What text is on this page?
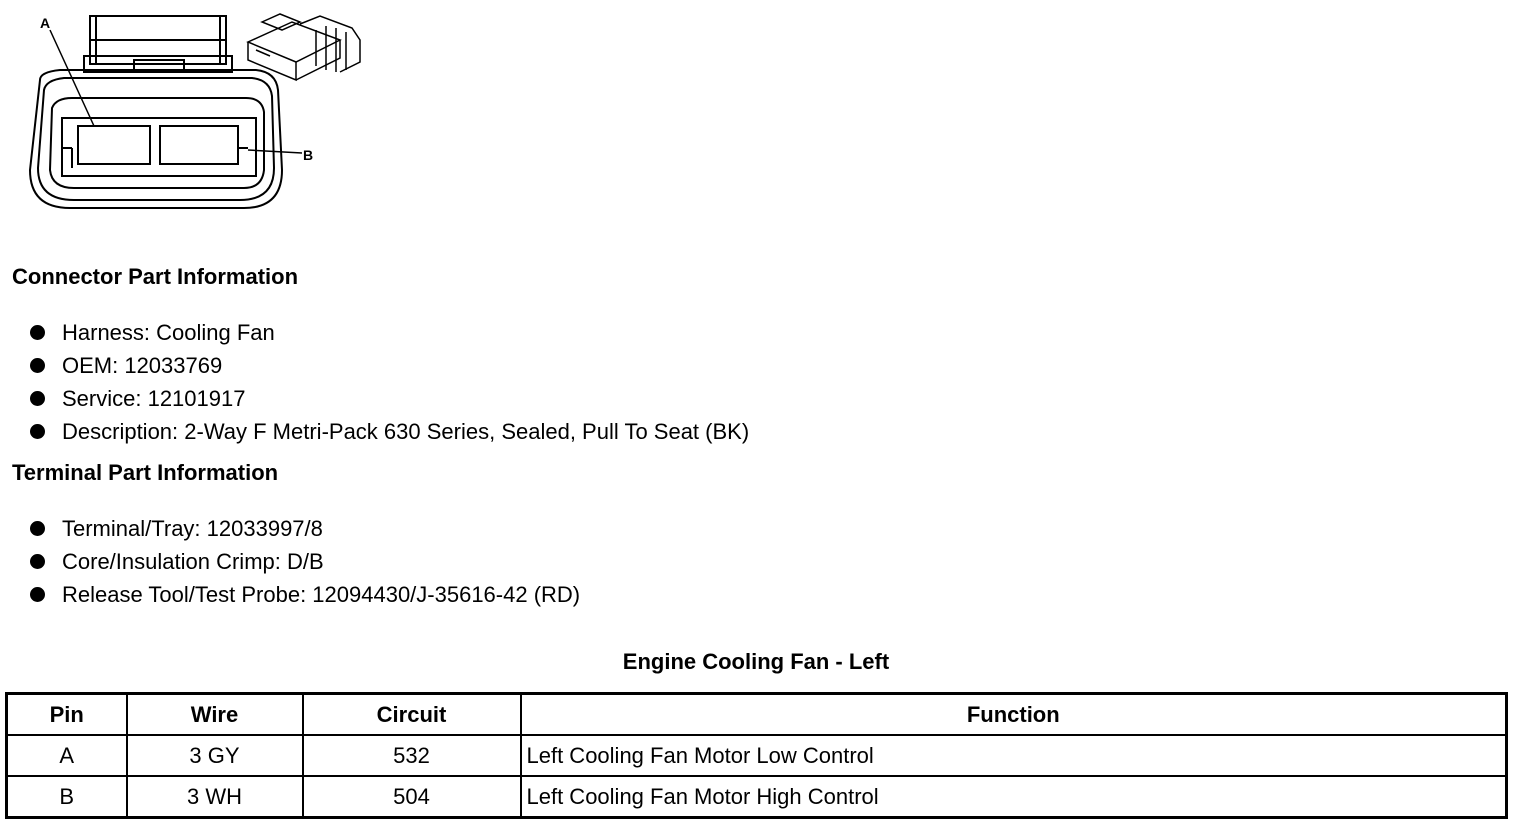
A
B
Connector Part Information
Harness: Cooling Fan
OEM: 12033769
Service: 12101917
Description: 2-Way F Metri-Pack 630 Series, Sealed, Pull To Seat (BK)
Terminal Part Information
Terminal/Tray: 12033997/8
Core/Insulation Crimp: D/B
Release Tool/Test Probe: 12094430/J-35616-42 (RD)
Engine Cooling Fan - Left
Pin	Wire	Circuit	Function
A	3 GY	532	Left Cooling Fan Motor Low Control
B	3 WH	504	Left Cooling Fan Motor High Control
